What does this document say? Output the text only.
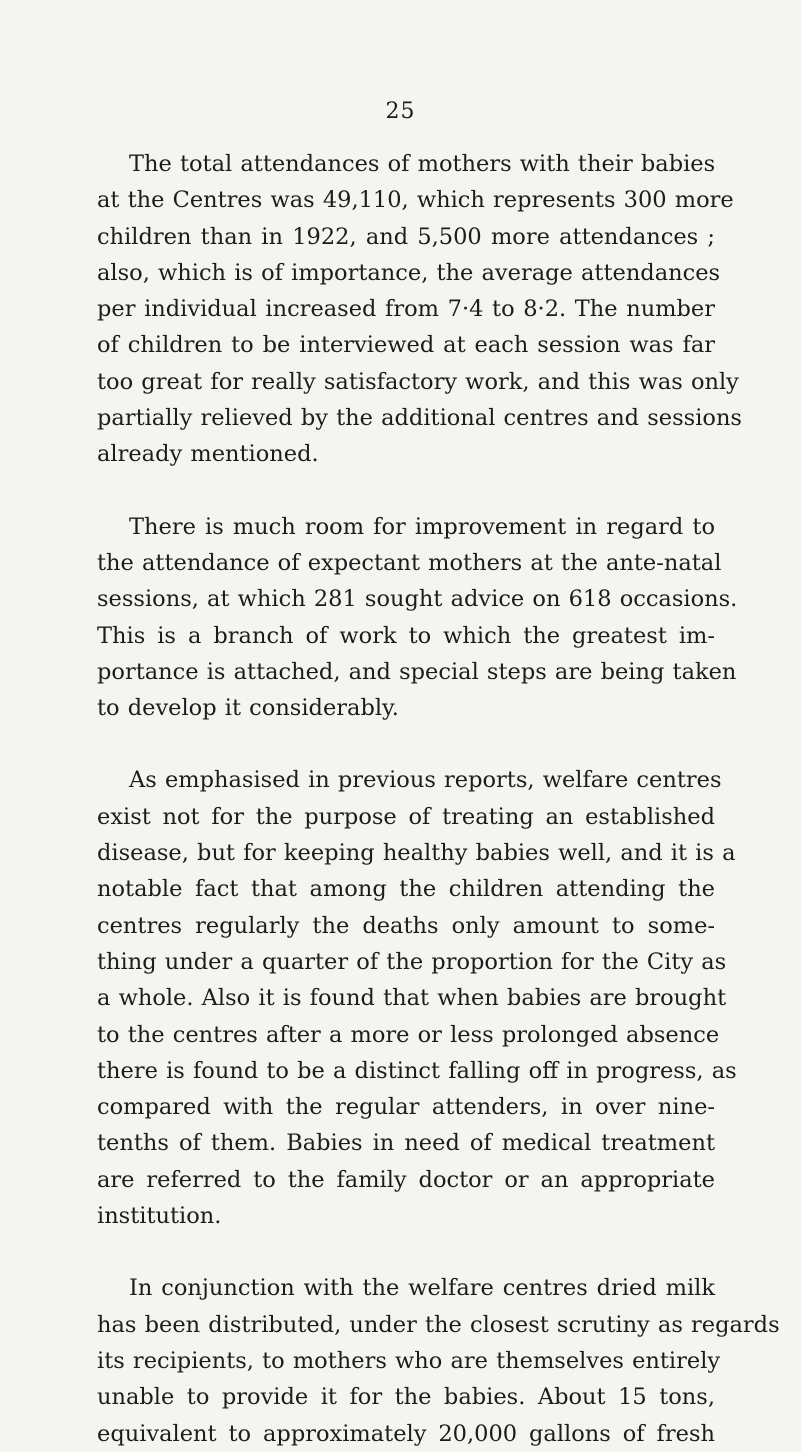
25
The total attendances of mothers with their babies
at the Centres was 49,110, which represents 300 more
children than in 1922, and 5,500 more attendances ;
also, which is of importance, the average attendances
per individual increased from 7·4 to 8·2. The number
of children to be interviewed at each session was far
too great for really satisfactory work, and this was only
partially relieved by the additional centres and sessions
already mentioned.
There is much room for improvement in regard to
the attendance of expectant mothers at the ante-natal
sessions, at which 281 sought advice on 618 occasions.
This is a branch of work to which the greatest im-
portance is attached, and special steps are being taken
to develop it considerably.
As emphasised in previous reports, welfare centres
exist not for the purpose of treating an established
disease, but for keeping healthy babies well, and it is a
notable fact that among the children attending the
centres regularly the deaths only amount to some-
thing under a quarter of the proportion for the City as
a whole. Also it is found that when babies are brought
to the centres after a more or less prolonged absence
there is found to be a distinct falling off in progress, as
compared with the regular attenders, in over nine-
tenths of them. Babies in need of medical treatment
are referred to the family doctor or an appropriate
institution.
In conjunction with the welfare centres dried milk
has been distributed, under the closest scrutiny as regards
its recipients, to mothers who are themselves entirely
unable to provide it for the babies. About 15 tons,
equivalent to approximately 20,000 gallons of fresh
